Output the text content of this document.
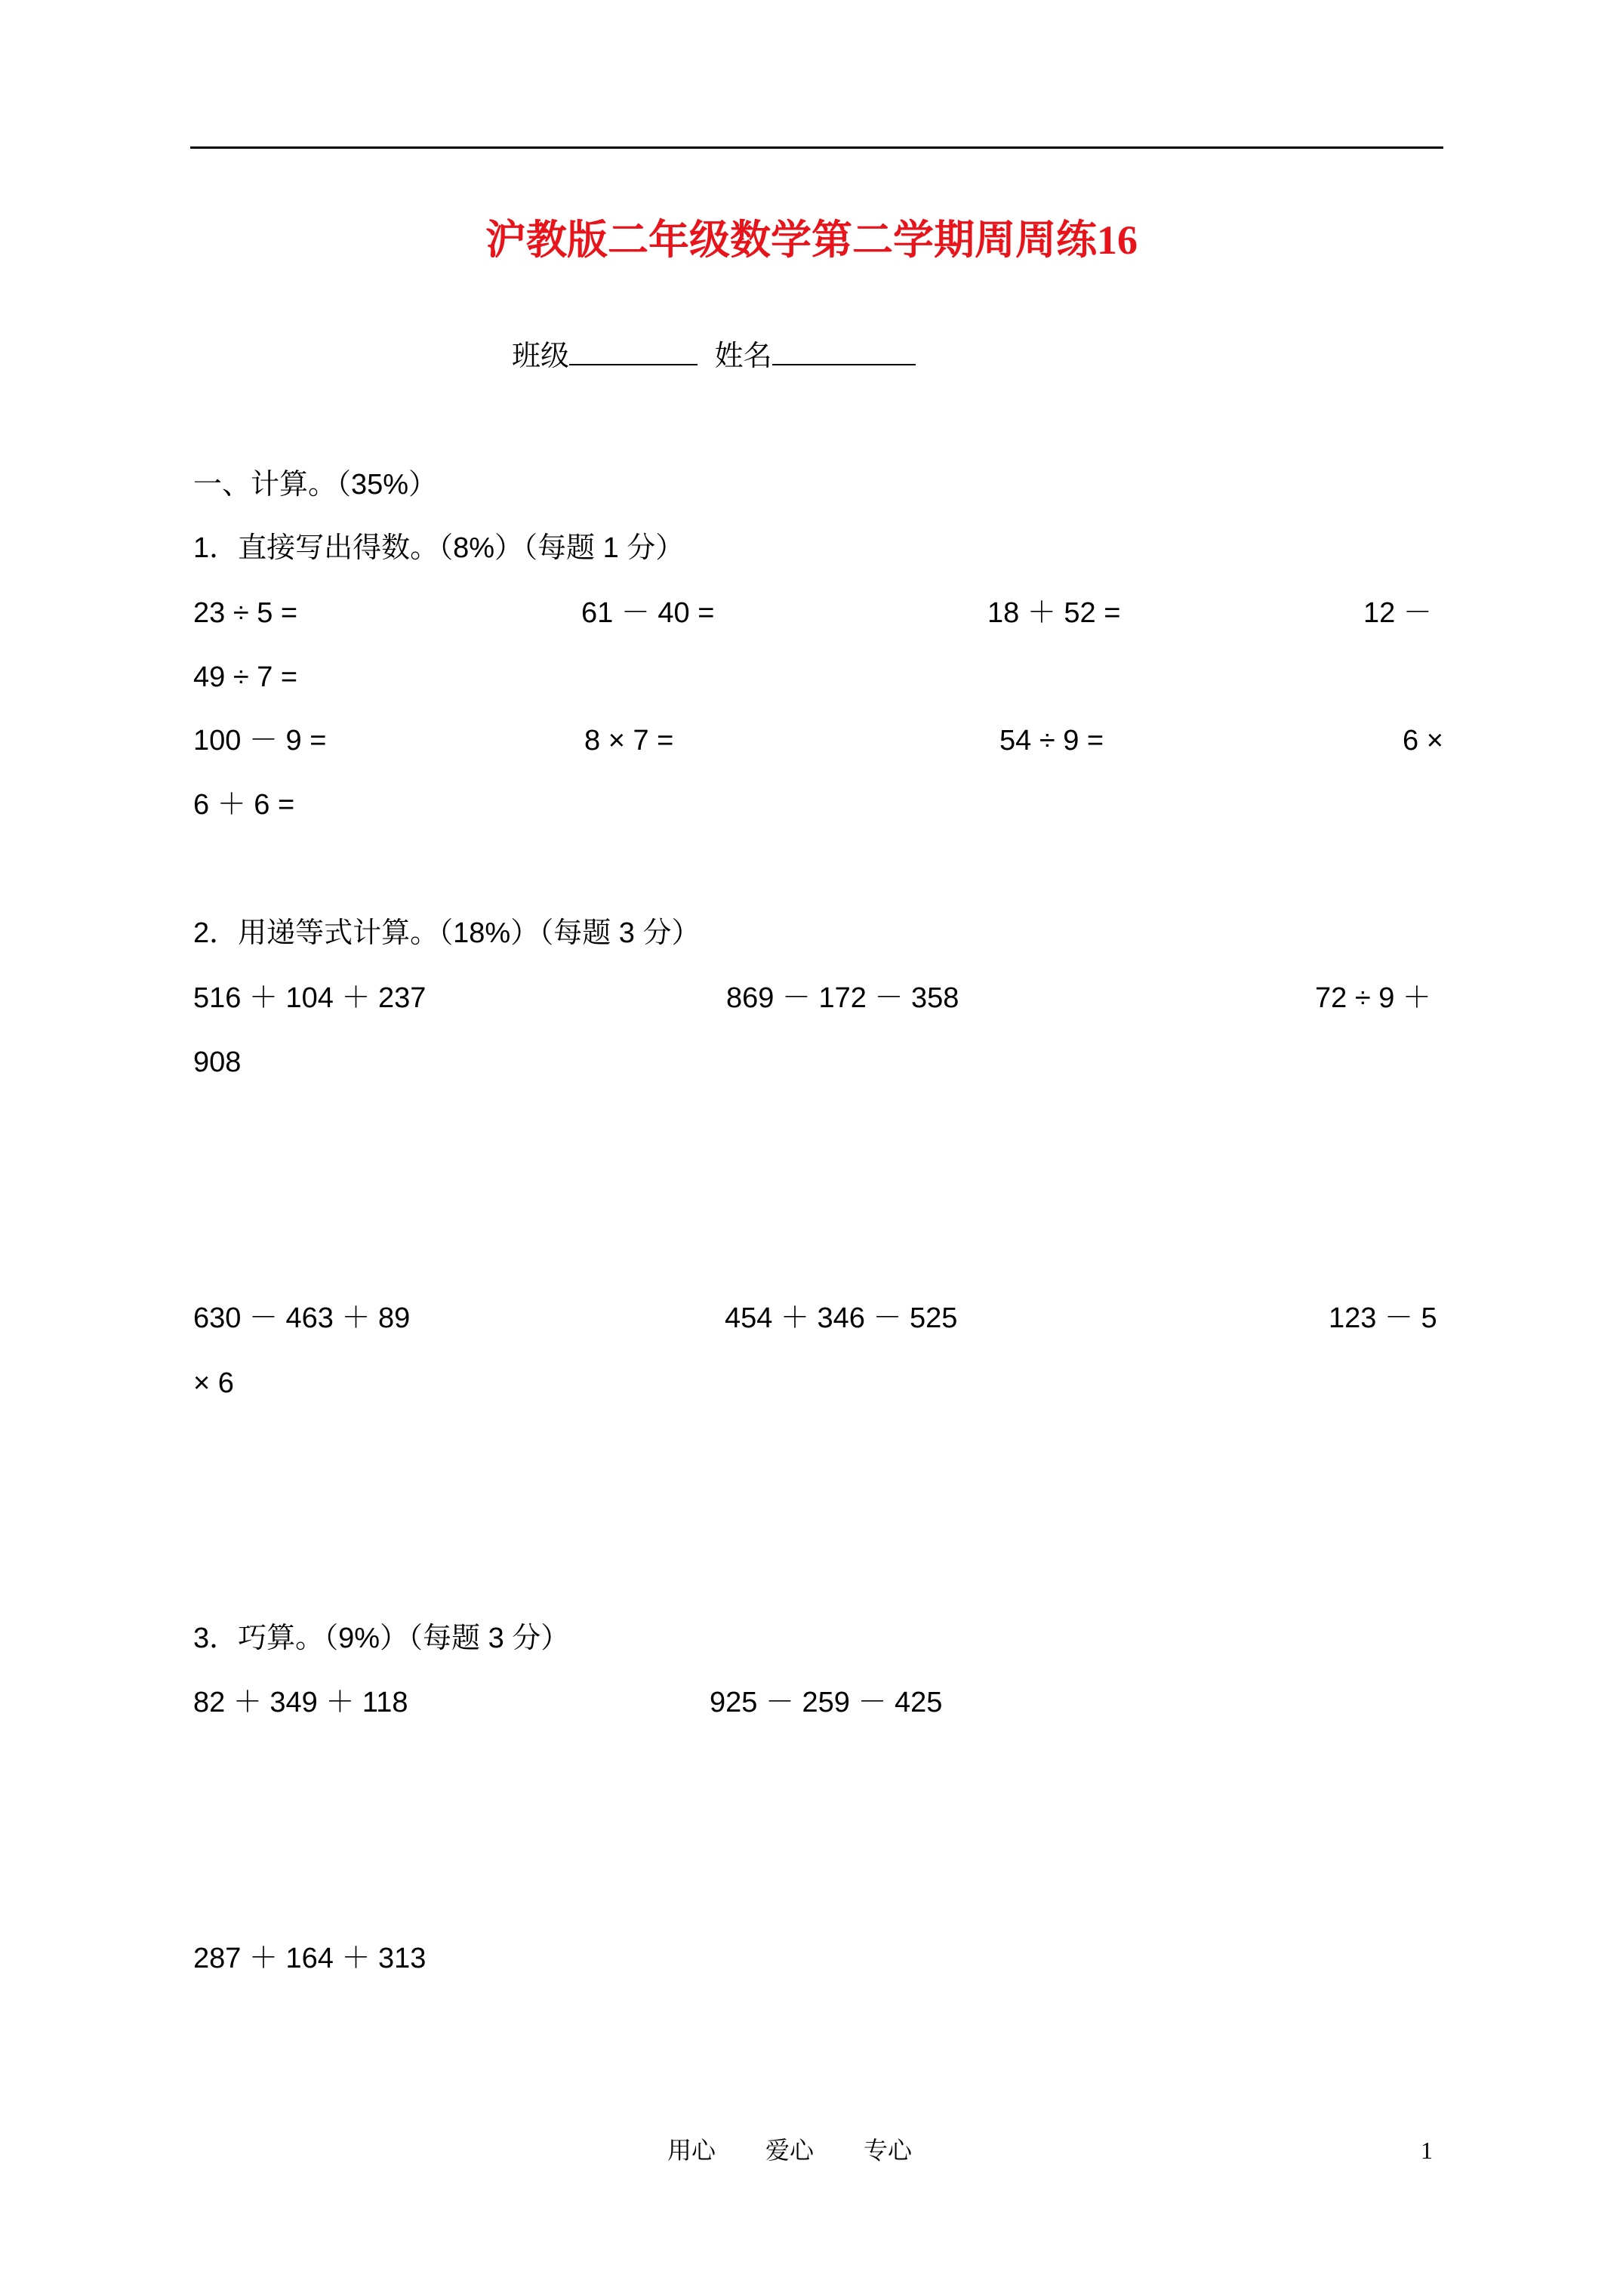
沪教版二年级数学第二学期周周练16
班级	姓名
一、计算。（35%）
1．直接写出得数。（8%）（每题 1 分）
23 ÷ 5 =	61 － 40 =	18 ＋ 52 =	12 －
49 ÷ 7 =
100 － 9 =	8 × 7 =	54 ÷ 9 =	6 ×
6 ＋ 6 =
2．用递等式计算。（18%）（每题 3 分）
516 ＋ 104 ＋ 237	869 － 172 － 358	72 ÷ 9 ＋
908
630 － 463 ＋ 89	454 ＋ 346 － 525	123 － 5
× 6
3．巧算。（9%）（每题 3 分）
82 ＋ 349 ＋ 118	925 － 259 － 425
287 ＋ 164 ＋ 313
用心 爱心 专心	1
